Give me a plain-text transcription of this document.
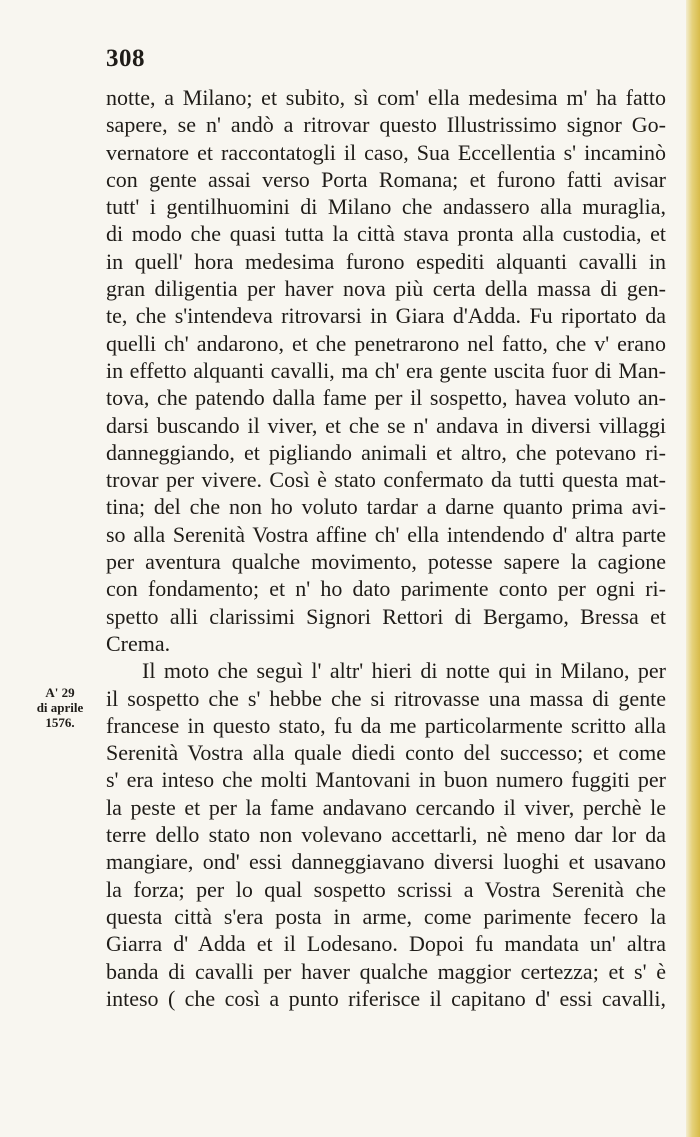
308
notte, a Milano; et subito, sì com' ella medesima m' ha fatto
sapere, se n' andò a ritrovar questo Illustrissimo signor Go-
vernatore et raccontatogli il caso, Sua Eccellentia s' incaminò
con gente assai verso Porta Romana; et furono fatti avisar
tutt' i gentilhuomini di Milano che andassero alla muraglia,
di modo che quasi tutta la città stava pronta alla custodia, et
in quell' hora medesima furono espediti alquanti cavalli in
gran diligentia per haver nova più certa della massa di gen-
te, che s'intendeva ritrovarsi in Giara d'Adda. Fu riportato da
quelli ch' andarono, et che penetrarono nel fatto, che v' erano
in effetto alquanti cavalli, ma ch' era gente uscita fuor di Man-
tova, che patendo dalla fame per il sospetto, havea voluto an-
darsi buscando il viver, et che se n' andava in diversi villaggi
danneggiando, et pigliando animali et altro, che potevano ri-
trovar per vivere. Così è stato confermato da tutti questa mat-
tina; del che non ho voluto tardar a darne quanto prima avi-
so alla Serenità Vostra affine ch' ella intendendo d' altra parte
per aventura qualche movimento, potesse sapere la cagione
con fondamento; et n' ho dato parimente conto per ogni ri-
spetto alli clarissimi Signori Rettori di Bergamo, Bressa et
Crema.
Il moto che seguì l' altr' hieri di notte qui in Milano, per
il sospetto che s' hebbe che si ritrovasse una massa di gente
francese in questo stato, fu da me particolarmente scritto alla
Serenità Vostra alla quale diedi conto del successo; et come
s' era inteso che molti Mantovani in buon numero fuggiti per
la peste et per la fame andavano cercando il viver, perchè le
terre dello stato non volevano accettarli, nè meno dar lor da
mangiare, ond' essi danneggiavano diversi luoghi et usavano
la forza; per lo qual sospetto scrissi a Vostra Serenità che
questa città s'era posta in arme, come parimente fecero la
Giarra d' Adda et il Lodesano. Dopoi fu mandata un' altra
banda di cavalli per haver qualche maggior certezza; et s' è
inteso ( che così a punto riferisce il capitano d' essi cavalli,
A' 29
di aprile
1576.
